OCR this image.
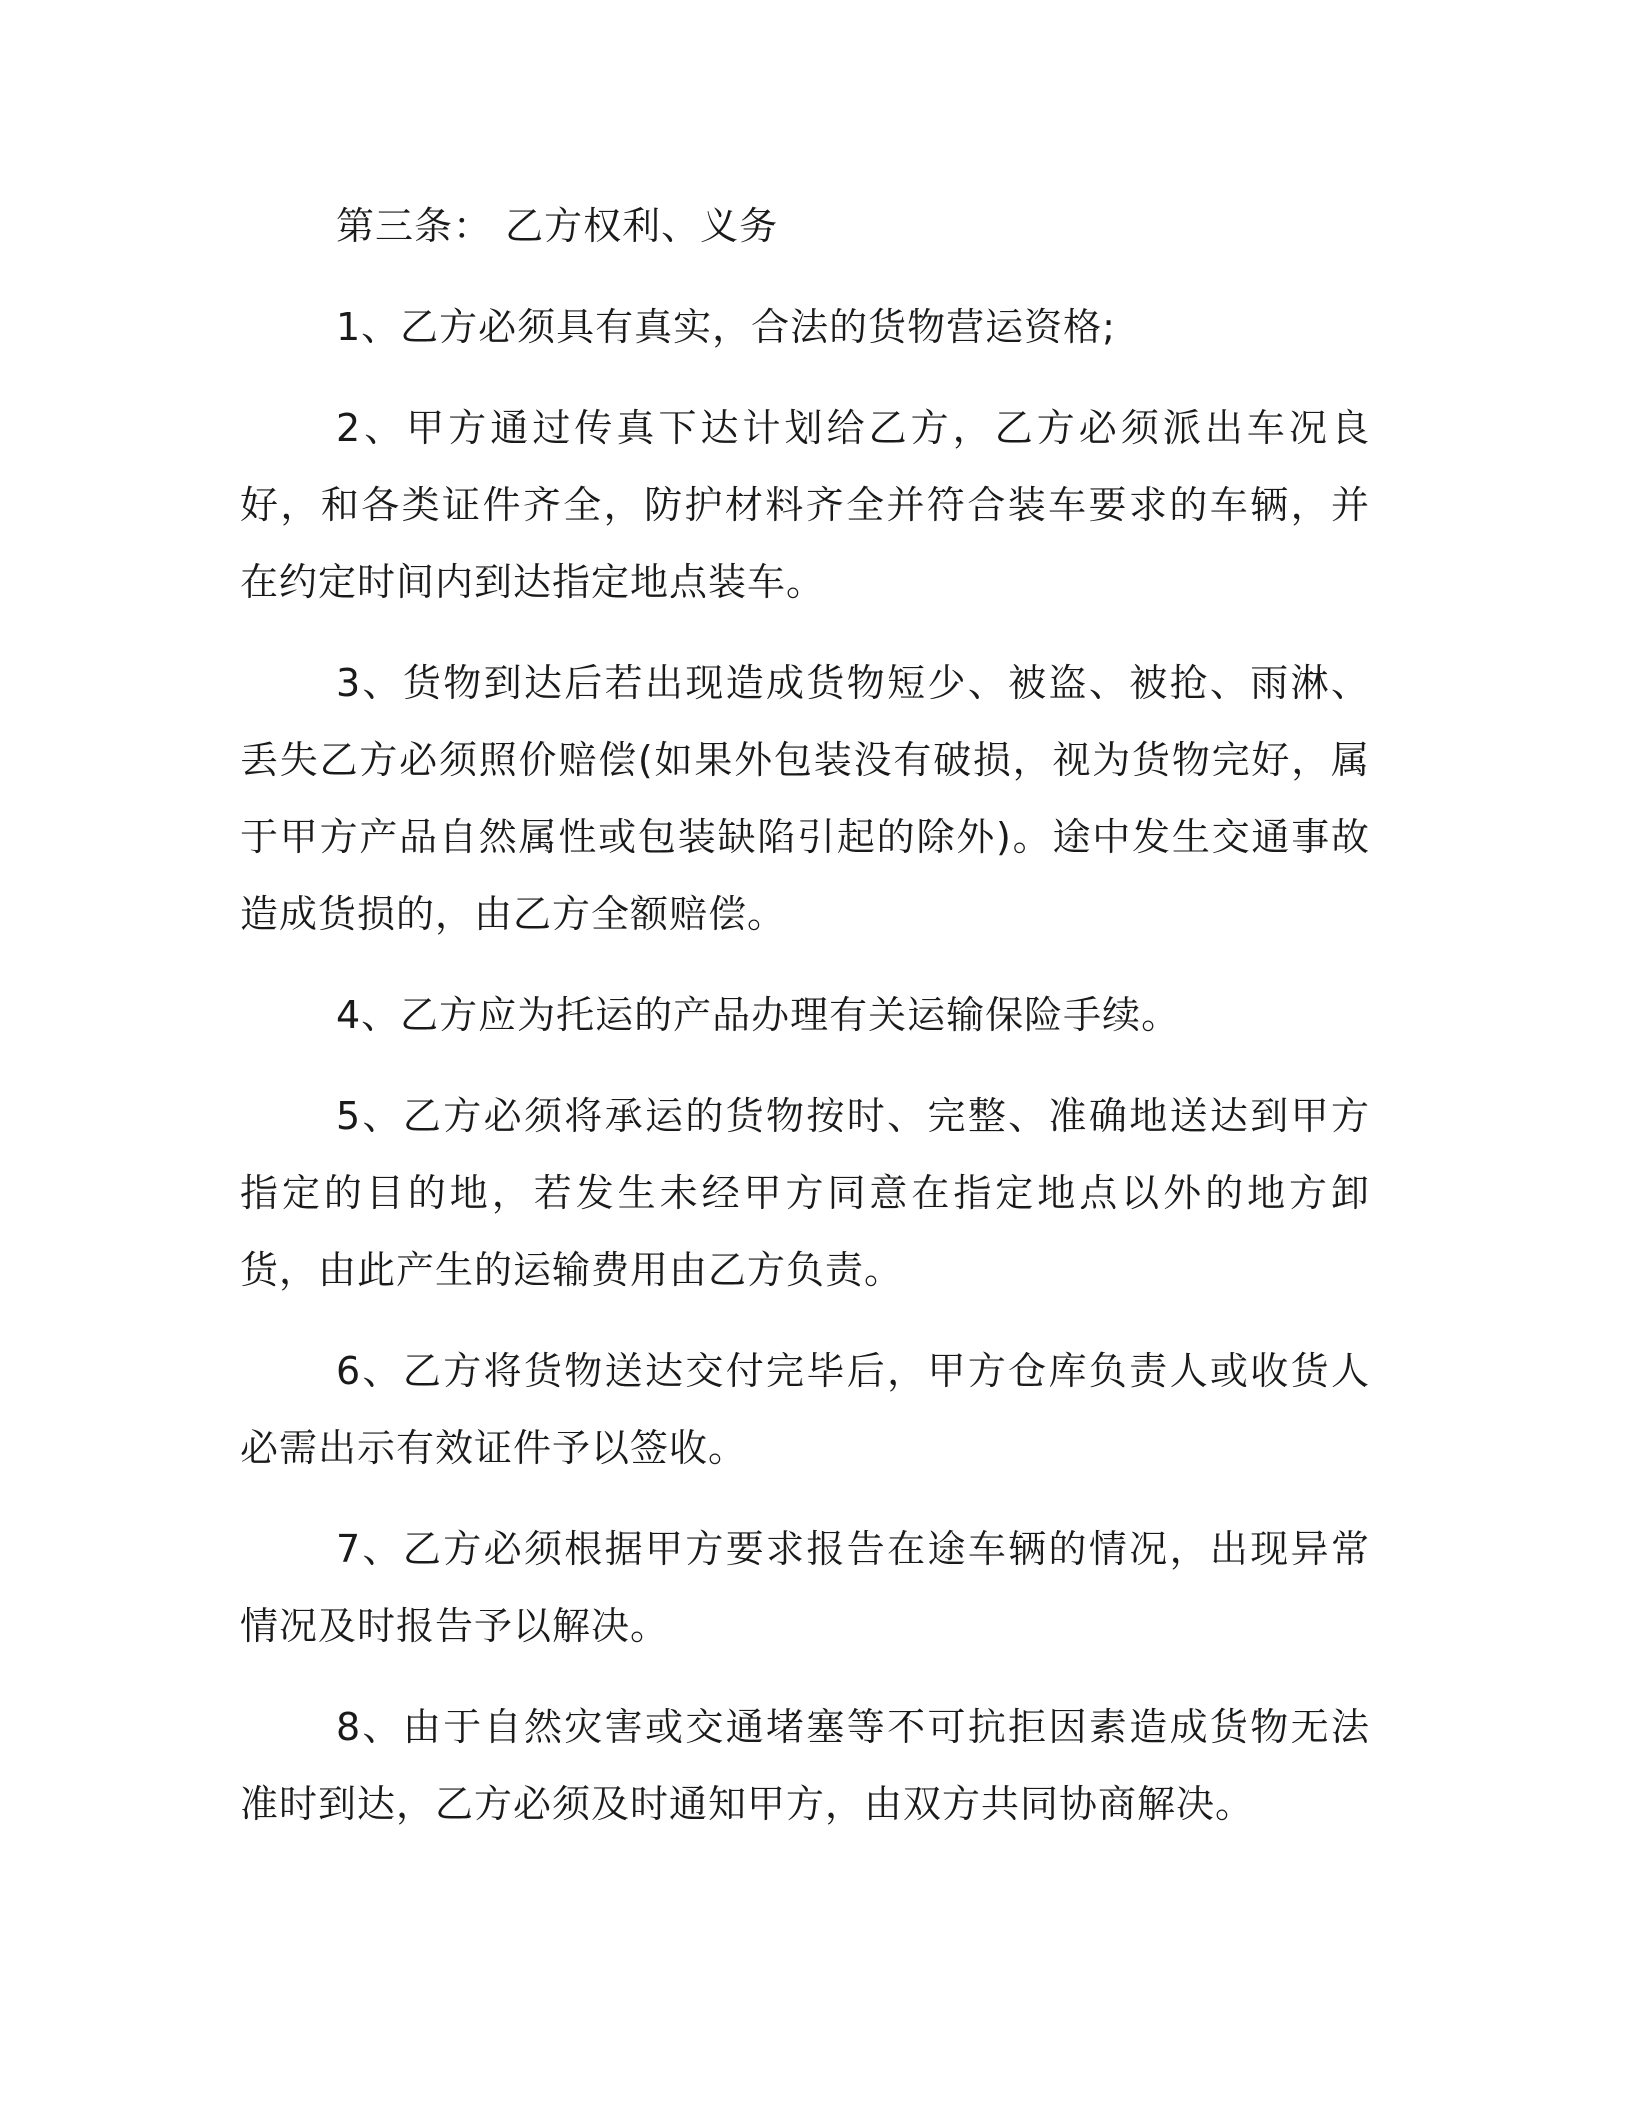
第三条： 乙方权利、义务

1、乙方必须具有真实，合法的货物营运资格;

2、甲方通过传真下达计划给乙方，乙方必须派出车况良好，和各类证件齐全，防护材料齐全并符合装车要求的车辆，并在约定时间内到达指定地点装车。

3、货物到达后若出现造成货物短少、被盗、被抢、雨淋、丢失乙方必须照价赔偿(如果外包装没有破损，视为货物完好，属于甲方产品自然属性或包装缺陷引起的除外)。途中发生交通事故造成货损的，由乙方全额赔偿。

4、乙方应为托运的产品办理有关运输保险手续。

5、乙方必须将承运的货物按时、完整、准确地送达到甲方指定的目的地，若发生未经甲方同意在指定地点以外的地方卸货，由此产生的运输费用由乙方负责。

6、乙方将货物送达交付完毕后，甲方仓库负责人或收货人必需出示有效证件予以签收。

7、乙方必须根据甲方要求报告在途车辆的情况，出现异常情况及时报告予以解决。

8、由于自然灾害或交通堵塞等不可抗拒因素造成货物无法准时到达，乙方必须及时通知甲方，由双方共同协商解决。
